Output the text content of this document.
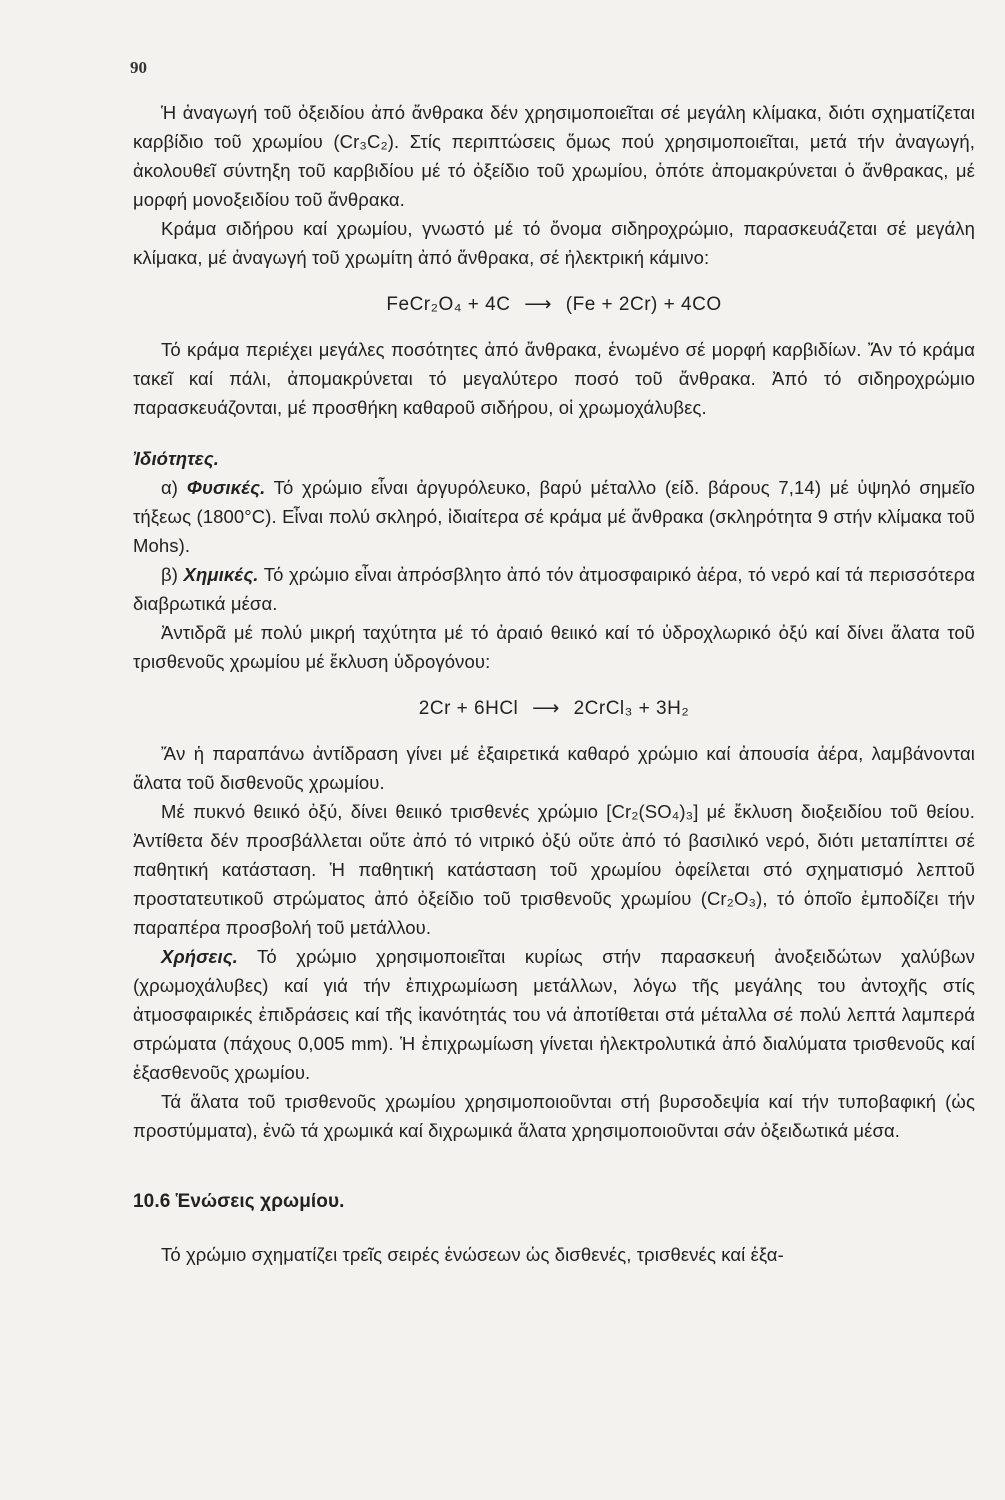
90

Ἡ ἀναγωγή τοῦ ὀξειδίου ἀπό ἄνθρακα δέν χρησιμοποιεῖται σέ μεγάλη κλίμακα, διότι σχηματίζεται καρβίδιο τοῦ χρωμίου (Cr₃C₂). Στίς περιπτώσεις ὅμως πού χρησιμοποιεῖται, μετά τήν ἀναγωγή, ἀκολουθεῖ σύντηξη τοῦ καρβιδίου μέ τό ὀξείδιο τοῦ χρωμίου, ὁπότε ἀπομακρύνεται ὁ ἄνθρακας, μέ μορφή μονοξειδίου τοῦ ἄνθρακα.

Κράμα σιδήρου καί χρωμίου, γνωστό μέ τό ὄνομα σιδηροχρώμιο, παρασκευάζεται σέ μεγάλη κλίμακα, μέ ἀναγωγή τοῦ χρωμίτη ἀπό ἄνθρακα, σέ ἠλεκτρική κάμινο:

FeCr₂O₄ + 4C ⟶ (Fe + 2Cr) + 4CO

Τό κράμα περιέχει μεγάλες ποσότητες ἀπό ἄνθρακα, ἑνωμένο σέ μορφή καρβιδίων. Ἄν τό κράμα τακεῖ καί πάλι, ἀπομακρύνεται τό μεγαλύτερο ποσό τοῦ ἄνθρακα. Ἀπό τό σιδηροχρώμιο παρασκευάζονται, μέ προσθήκη καθαροῦ σιδήρου, οἱ χρωμοχάλυβες.

Ἰδιότητες.

α) Φυσικές. Τό χρώμιο εἶναι ἀργυρόλευκο, βαρύ μέταλλο (είδ. βάρους 7,14) μέ ὑψηλό σημεῖο τήξεως (1800°C). Εἶναι πολύ σκληρό, ἰδιαίτερα σέ κράμα μέ ἄνθρακα (σκληρότητα 9 στήν κλίμακα τοῦ Mohs).

β) Χημικές. Τό χρώμιο εἶναι ἀπρόσβλητο ἀπό τόν ἀτμοσφαιρικό ἀέρα, τό νερό καί τά περισσότερα διαβρωτικά μέσα.

Ἀντιδρᾶ μέ πολύ μικρή ταχύτητα μέ τό ἀραιό θειικό καί τό ὑδροχλωρικό ὀξύ καί δίνει ἅλατα τοῦ τρισθενοῦς χρωμίου μέ ἔκλυση ὑδρογόνου:

2Cr + 6HCl ⟶ 2CrCl₃ + 3H₂

Ἄν ἡ παραπάνω ἀντίδραση γίνει μέ ἐξαιρετικά καθαρό χρώμιο καί ἀπουσία ἀέρα, λαμβάνονται ἅλατα τοῦ δισθενοῦς χρωμίου.

Μέ πυκνό θειικό ὀξύ, δίνει θειικό τρισθενές χρώμιο [Cr₂(SO₄)₃] μέ ἔκλυση διοξειδίου τοῦ θείου. Ἀντίθετα δέν προσβάλλεται οὔτε ἀπό τό νιτρικό ὀξύ οὔτε ἀπό τό βασιλικό νερό, διότι μεταπίπτει σέ παθητική κατάσταση. Ἡ παθητική κατάσταση τοῦ χρωμίου ὀφείλεται στό σχηματισμό λεπτοῦ προστατευτικοῦ στρώματος ἀπό ὀξείδιο τοῦ τρισθενοῦς χρωμίου (Cr₂O₃), τό ὁποῖο ἐμποδίζει τήν παραπέρα προσβολή τοῦ μετάλλου.

Χρήσεις. Τό χρώμιο χρησιμοποιεῖται κυρίως στήν παρασκευή ἀνοξειδώτων χαλύβων (χρωμοχάλυβες) καί γιά τήν ἐπιχρωμίωση μετάλλων, λόγω τῆς μεγάλης του ἀντοχῆς στίς ἀτμοσφαιρικές ἐπιδράσεις καί τῆς ἱκανότητάς του νά ἀποτίθεται στά μέταλλα σέ πολύ λεπτά λαμπερά στρώματα (πάχους 0,005 mm). Ἡ ἐπιχρωμίωση γίνεται ἠλεκτρολυτικά ἀπό διαλύματα τρισθενοῦς καί ἑξασθενοῦς χρωμίου.

Τά ἅλατα τοῦ τρισθενοῦς χρωμίου χρησιμοποιοῦνται στή βυρσοδεψία καί τήν τυποβαφική (ὡς προστύμματα), ἐνῶ τά χρωμικά καί διχρωμικά ἅλατα χρησιμοποιοῦνται σάν ὀξειδωτικά μέσα.

10.6 Ἑνώσεις χρωμίου.

Τό χρώμιο σχηματίζει τρεῖς σειρές ἑνώσεων ὡς δισθενές, τρισθενές καί ἑξα-
